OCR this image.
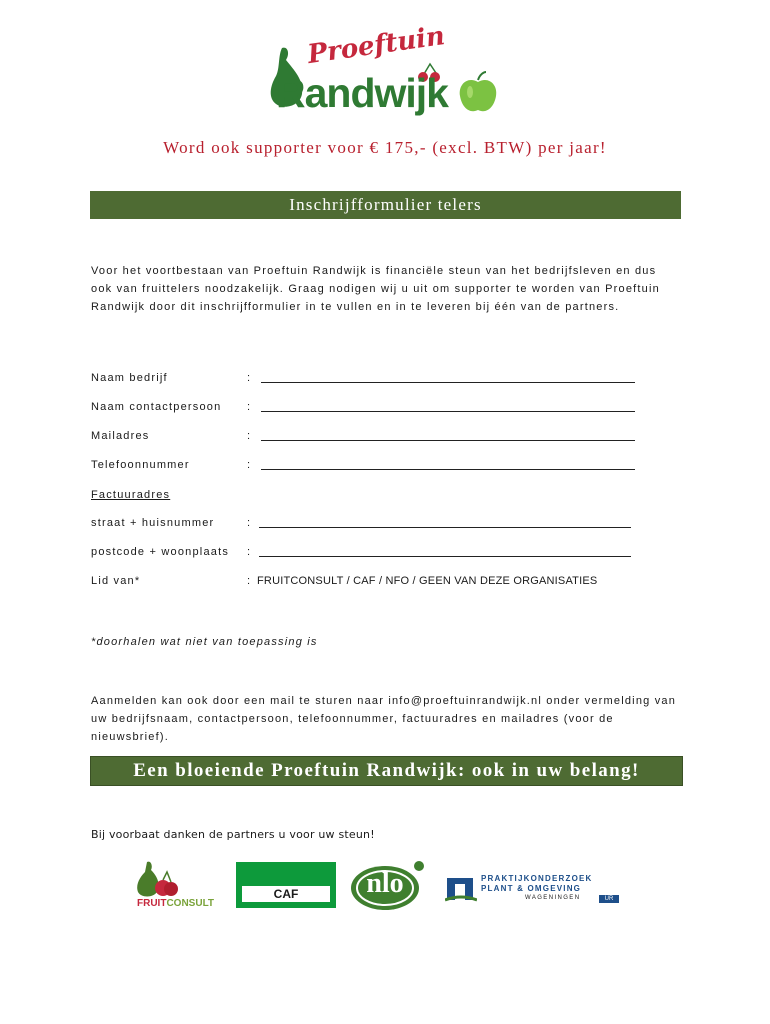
Proeftuin
Randwijk
Word ook supporter voor € 175,- (excl. BTW) per jaar!
Inschrijfformulier telers
Voor het voortbestaan van Proeftuin Randwijk is financiële steun van het bedrijfsleven en dus ook van fruittelers noodzakelijk. Graag nodigen wij u uit om supporter te worden van Proeftuin Randwijk door dit inschrijfformulier in te vullen en in te leveren bij één van de partners.
Naam bedrijf	:
Naam contactpersoon :
Mailadres	:
Telefoonnummer	:
Factuuradres
straat + huisnummer	:
postcode + woonplaats :
Lid van*	: FRUITCONSULT / CAF / NFO / GEEN VAN DEZE ORGANISATIES
*doorhalen wat niet van toepassing is
Aanmelden kan ook door een mail te sturen naar info@proeftuinrandwijk.nl onder vermelding van uw bedrijfsnaam, contactpersoon, telefoonnummer, factuuradres en mailadres (voor de nieuwsbrief).
Een bloeiende Proeftuin Randwijk: ook in uw belang!
Bij voorbaat danken de partners u voor uw steun!
FRUITCONSULT
CAF	nlo	PRAKTIJKONDERZOEK
PLANT & OMGEVING
WAGENINGEN	UR
